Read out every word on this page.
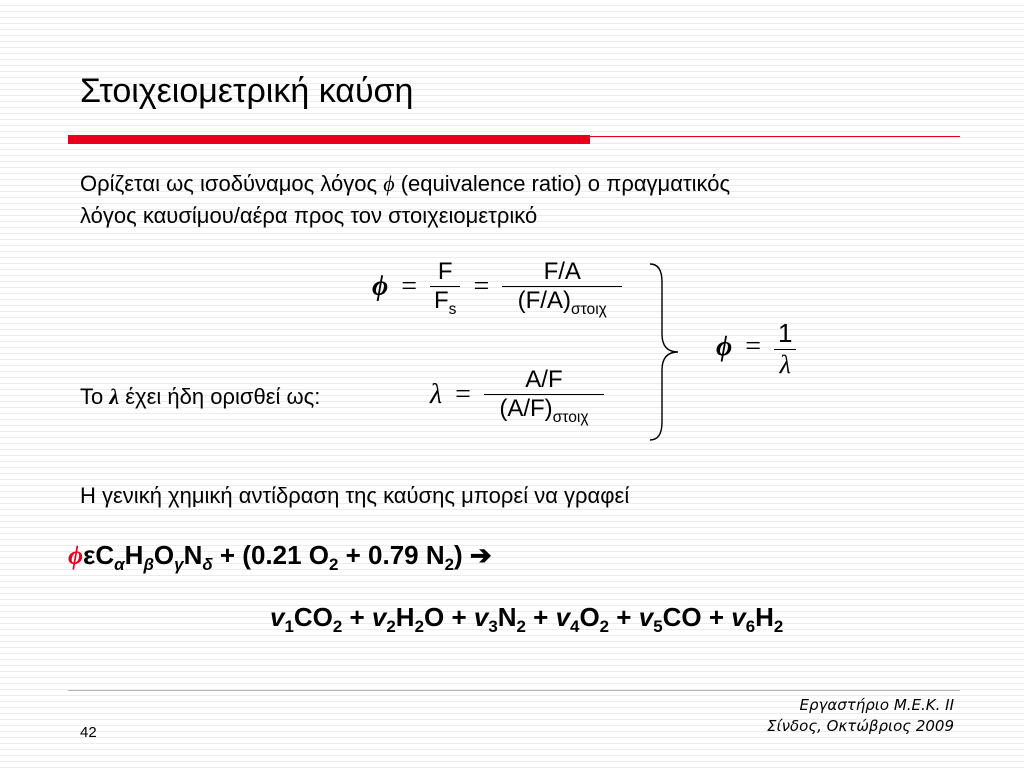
Στοιχειομετρική καύση
Ορίζεται ως ισοδύναμος λόγος ϕ (equivalence ratio) ο πραγματικός
λόγος καυσίμου/αέρα προς τον στοιχειομετρικό
$\phi = \frac{F}{F_s} = \frac{F/A}{(F/A)_{\sigma\tau o\iota\chi}}$
$\phi = \frac{1}{\lambda}$
Το λ έχει ήδη ορισθεί ως:	$\lambda = \frac{A/F}{(A/F)_{\sigma\tau o\iota\chi}}$
Η γενική χημική αντίδραση της καύσης μπορεί να γραφεί
$\phi\varepsilon C_\alpha H_\beta O_\gamma N_\delta + (0.21$ $O_2 + 0.79$ $N_2$) ➔
$v_1CO_2 + v_2H_2O + v_3N_2 + v_4O_2 + v_5CO + v_6H_2$
42
Εργαστήριο Μ.Ε.Κ. ΙΙ
Σίνδος, Οκτώβριος 2009
